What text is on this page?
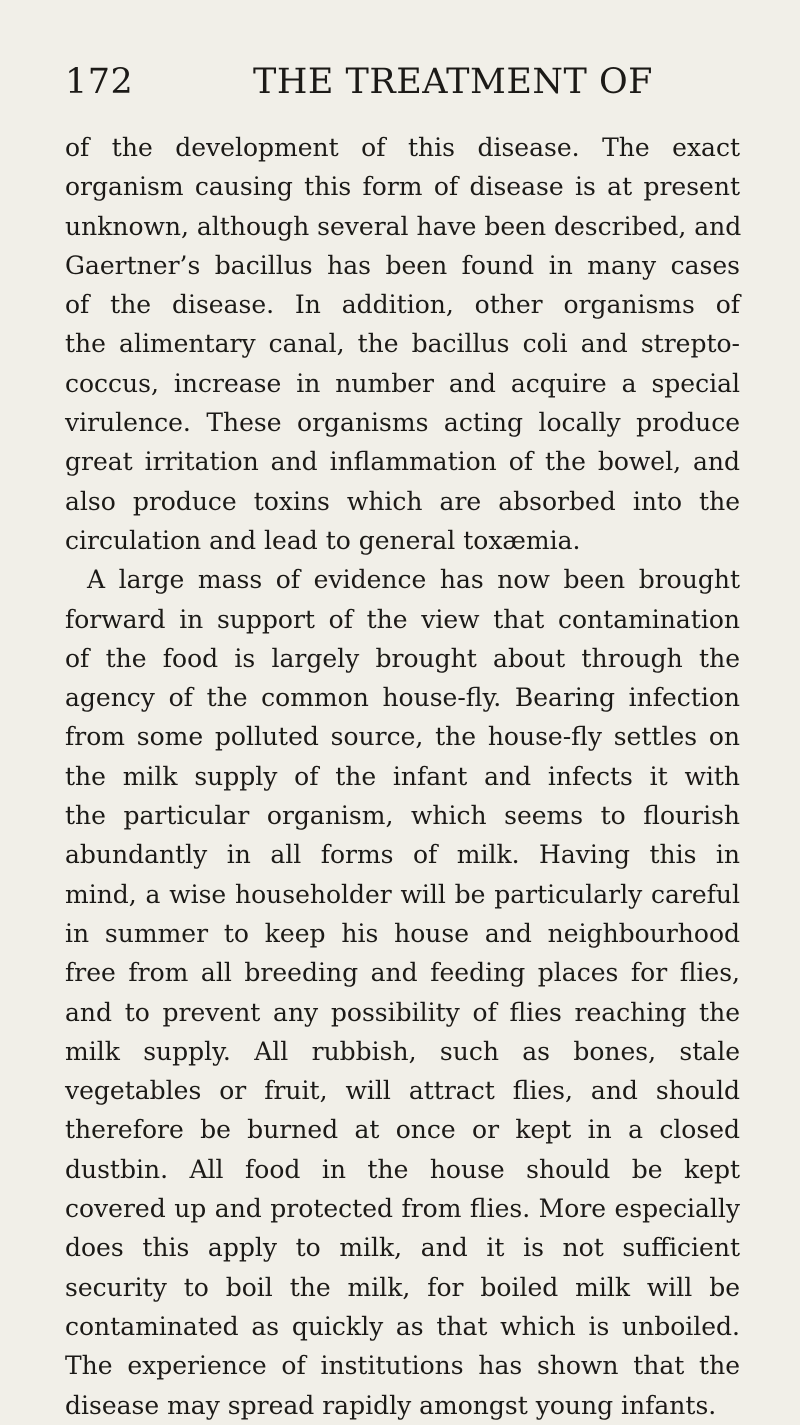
172	THE TREATMENT OF
of the development of this disease. The exact
organism causing this form of disease is at present
unknown, although several have been described, and
Gaertner’s bacillus has been found in many cases
of the disease. In addition, other organisms of
the alimentary canal, the bacillus coli and strepto-
coccus, increase in number and acquire a special
virulence. These organisms acting locally produce
great irritation and inflammation of the bowel, and
also produce toxins which are absorbed into the
circulation and lead to general toxæmia.
A large mass of evidence has now been brought
forward in support of the view that contamination
of the food is largely brought about through the
agency of the common house-fly. Bearing infection
from some polluted source, the house-fly settles on
the milk supply of the infant and infects it with
the particular organism, which seems to flourish
abundantly in all forms of milk. Having this in
mind, a wise householder will be particularly careful
in summer to keep his house and neighbourhood
free from all breeding and feeding places for flies,
and to prevent any possibility of flies reaching the
milk supply. All rubbish, such as bones, stale
vegetables or fruit, will attract flies, and should
therefore be burned at once or kept in a closed
dustbin. All food in the house should be kept
covered up and protected from flies. More especially
does this apply to milk, and it is not sufficient
security to boil the milk, for boiled milk will be
contaminated as quickly as that which is unboiled.
The experience of institutions has shown that the
disease may spread rapidly amongst young infants.
